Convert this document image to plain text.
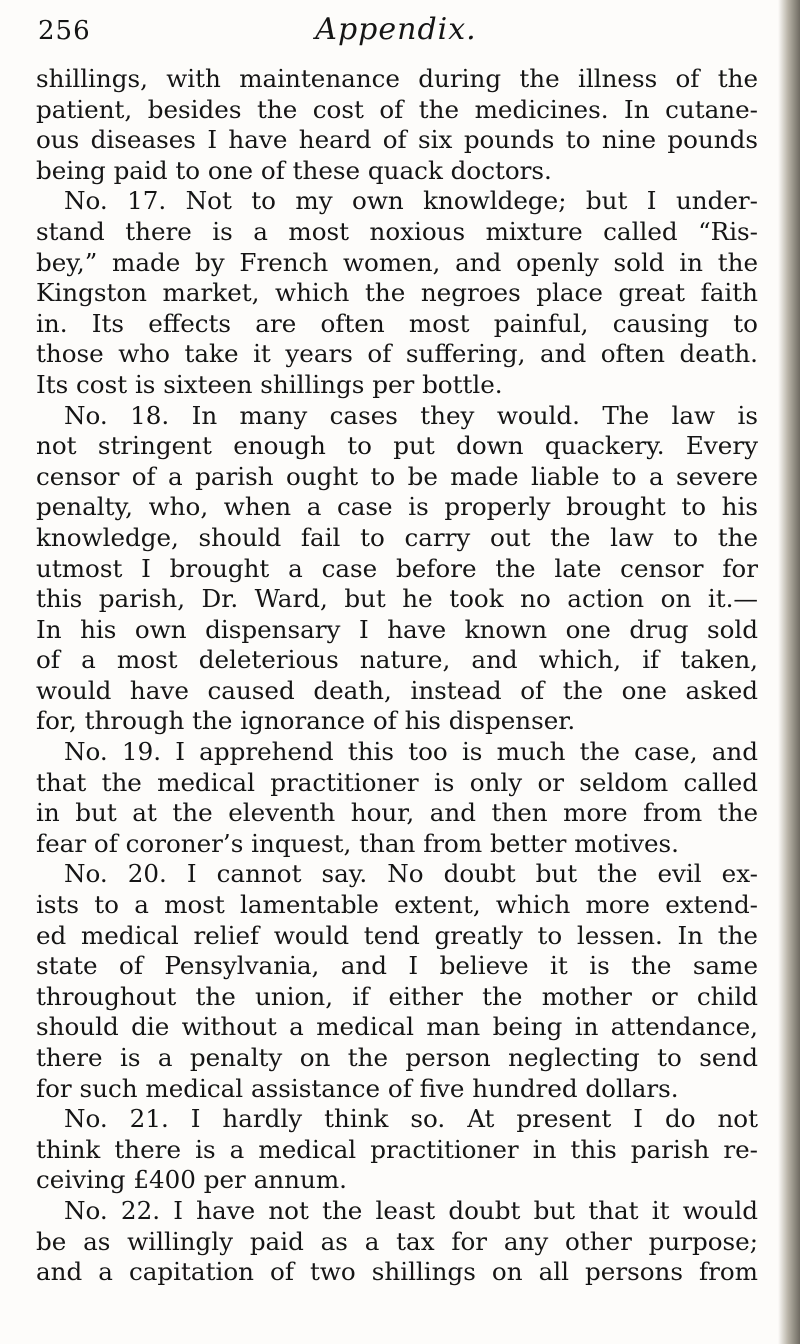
256	Appendix.
shillings, with maintenance during the illness of the
patient, besides the cost of the medicines. In cutane-
ous diseases I have heard of six pounds to nine pounds
being paid to one of these quack doctors.
No. 17. Not to my own knowldege; but I under-
stand there is a most noxious mixture called “Ris-
bey,” made by French women, and openly sold in the
Kingston market, which the negroes place great faith
in. Its effects are often most painful, causing to
those who take it years of suffering, and often death.
Its cost is sixteen shillings per bottle.
No. 18. In many cases they would. The law is
not stringent enough to put down quackery. Every
censor of a parish ought to be made liable to a severe
penalty, who, when a case is properly brought to his
knowledge, should fail to carry out the law to the
utmost I brought a case before the late censor for
this parish, Dr. Ward, but he took no action on it.—
In his own dispensary I have known one drug sold
of a most deleterious nature, and which, if taken,
would have caused death, instead of the one asked
for, through the ignorance of his dispenser.
No. 19. I apprehend this too is much the case, and
that the medical practitioner is only or seldom called
in but at the eleventh hour, and then more from the
fear of coroner’s inquest, than from better motives.
No. 20. I cannot say. No doubt but the evil ex-
ists to a most lamentable extent, which more extend-
ed medical relief would tend greatly to lessen. In the
state of Pensylvania, and I believe it is the same
throughout the union, if either the mother or child
should die without a medical man being in attendance,
there is a penalty on the person neglecting to send
for such medical assistance of five hundred dollars.
No. 21. I hardly think so. At present I do not
think there is a medical practitioner in this parish re-
ceiving £400 per annum.
No. 22. I have not the least doubt but that it would
be as willingly paid as a tax for any other purpose;
and a capitation of two shillings on all persons from
